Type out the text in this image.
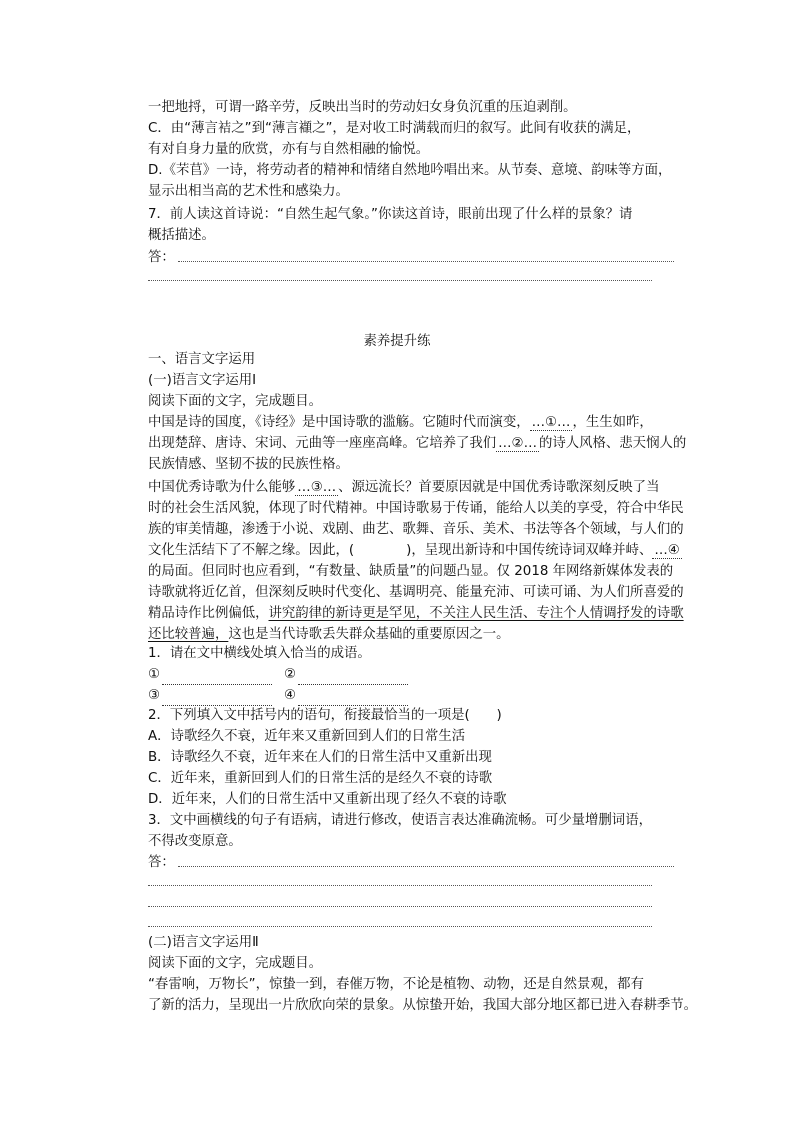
一把地捋，可谓一路辛劳，反映出当时的劳动妇女身负沉重的压迫剥削。
C．由“薄言袺之”到“薄言襭之”，是对收工时满载而归的叙写。此间有收获的满足，
有对自身力量的欣赏，亦有与自然相融的愉悦。
D.《芣苢》一诗，将劳动者的精神和情绪自然地吟唱出来。从节奏、意境、韵味等方面，
显示出相当高的艺术性和感染力。
7．前人读这首诗说：“自然生起气象。”你读这首诗，眼前出现了什么样的景象？请
概括描述。
答：
素养提升练
一、语言文字运用
(一)语言文字运用Ⅰ
阅读下面的文字，完成题目。
中国是诗的国度，《诗经》是中国诗歌的滥觞。它随时代而演变， …①… ，生生如昨，
出现楚辞、唐诗、宋词、元曲等一座座高峰。它培养了我们 …②… 的诗人风格、悲天悯人的
民族情感、坚韧不拔的民族性格。
中国优秀诗歌为什么能够 …③… 、源远流长？首要原因就是中国优秀诗歌深刻反映了当
时的社会生活风貌，体现了时代精神。中国诗歌易于传诵，能给人以美的享受，符合中华民
族的审美情趣，渗透于小说、戏剧、曲艺、歌舞、音乐、美术、书法等各个领域，与人们的
文化生活结下了不解之缘。因此，(	)，呈现出新诗和中国传统诗词双峰并峙、 …④
的局面。但同时也应看到，“有数量、缺质量”的问题凸显。仅 2018 年网络新媒体发表的
诗歌就将近亿首，但深刻反映时代变化、基调明亮、能量充沛、可读可诵、为人们所喜爱的
精品诗作比例偏低，讲究韵律的新诗更是罕见，不关注人民生活、专注个人情调抒发的诗歌
还比较普遍，这也是当代诗歌丢失群众基础的重要原因之一。
1．请在文中横线处填入恰当的成语。
①	②
③	④
2．下列填入文中括号内的语句，衔接最恰当的一项是(　　)
A．诗歌经久不衰，近年来又重新回到人们的日常生活
B．诗歌经久不衰，近年来在人们的日常生活中又重新出现
C．近年来，重新回到人们的日常生活的是经久不衰的诗歌
D．近年来，人们的日常生活中又重新出现了经久不衰的诗歌
3．文中画横线的句子有语病，请进行修改，使语言表达准确流畅。可少量增删词语，
不得改变原意。
答：
(二)语言文字运用Ⅱ
阅读下面的文字，完成题目。
“春雷响，万物长”，惊蛰一到，春催万物，不论是植物、动物，还是自然景观，都有
了新的活力，呈现出一片欣欣向荣的景象。从惊蛰开始，我国大部分地区都已进入春耕季节。
